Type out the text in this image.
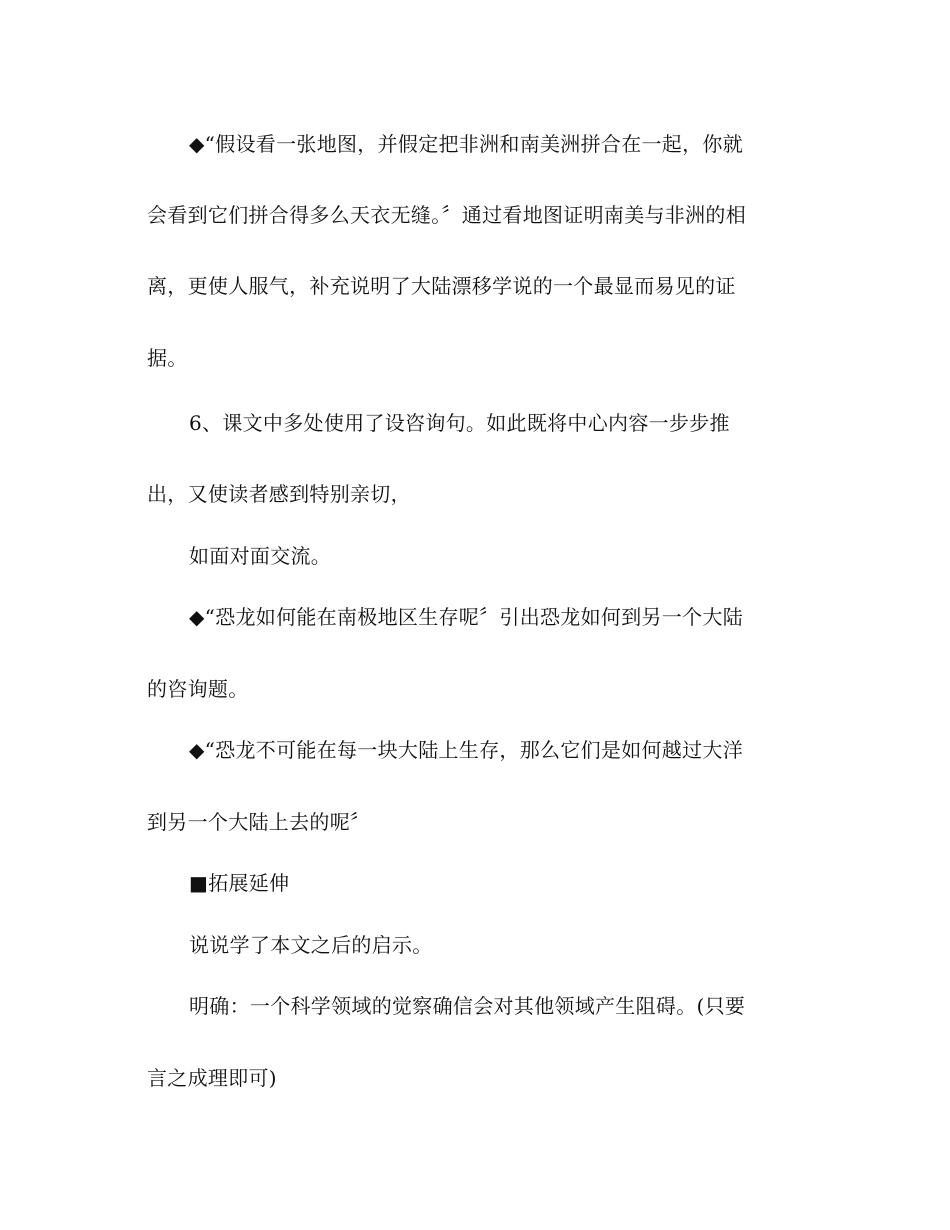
◆“假设看一张地图，并假定把非洲和南美洲拼合在一起，你就
会看到它们拼合得多么天衣无缝。〞通过看地图证明南美与非洲的相
离，更使人服气，补充说明了大陆漂移学说的一个最显而易见的证
据。
6、课文中多处使用了设咨询句。如此既将中心内容一步步推
出，又使读者感到特别亲切，
如面对面交流。
◆“恐龙如何能在南极地区生存呢〞引出恐龙如何到另一个大陆
的咨询题。
◆“恐龙不可能在每一块大陆上生存，那么它们是如何越过大洋
到另一个大陆上去的呢〞
■拓展延伸
说说学了本文之后的启示。
明确：一个科学领域的觉察确信会对其他领域产生阻碍。(只要
言之成理即可)
